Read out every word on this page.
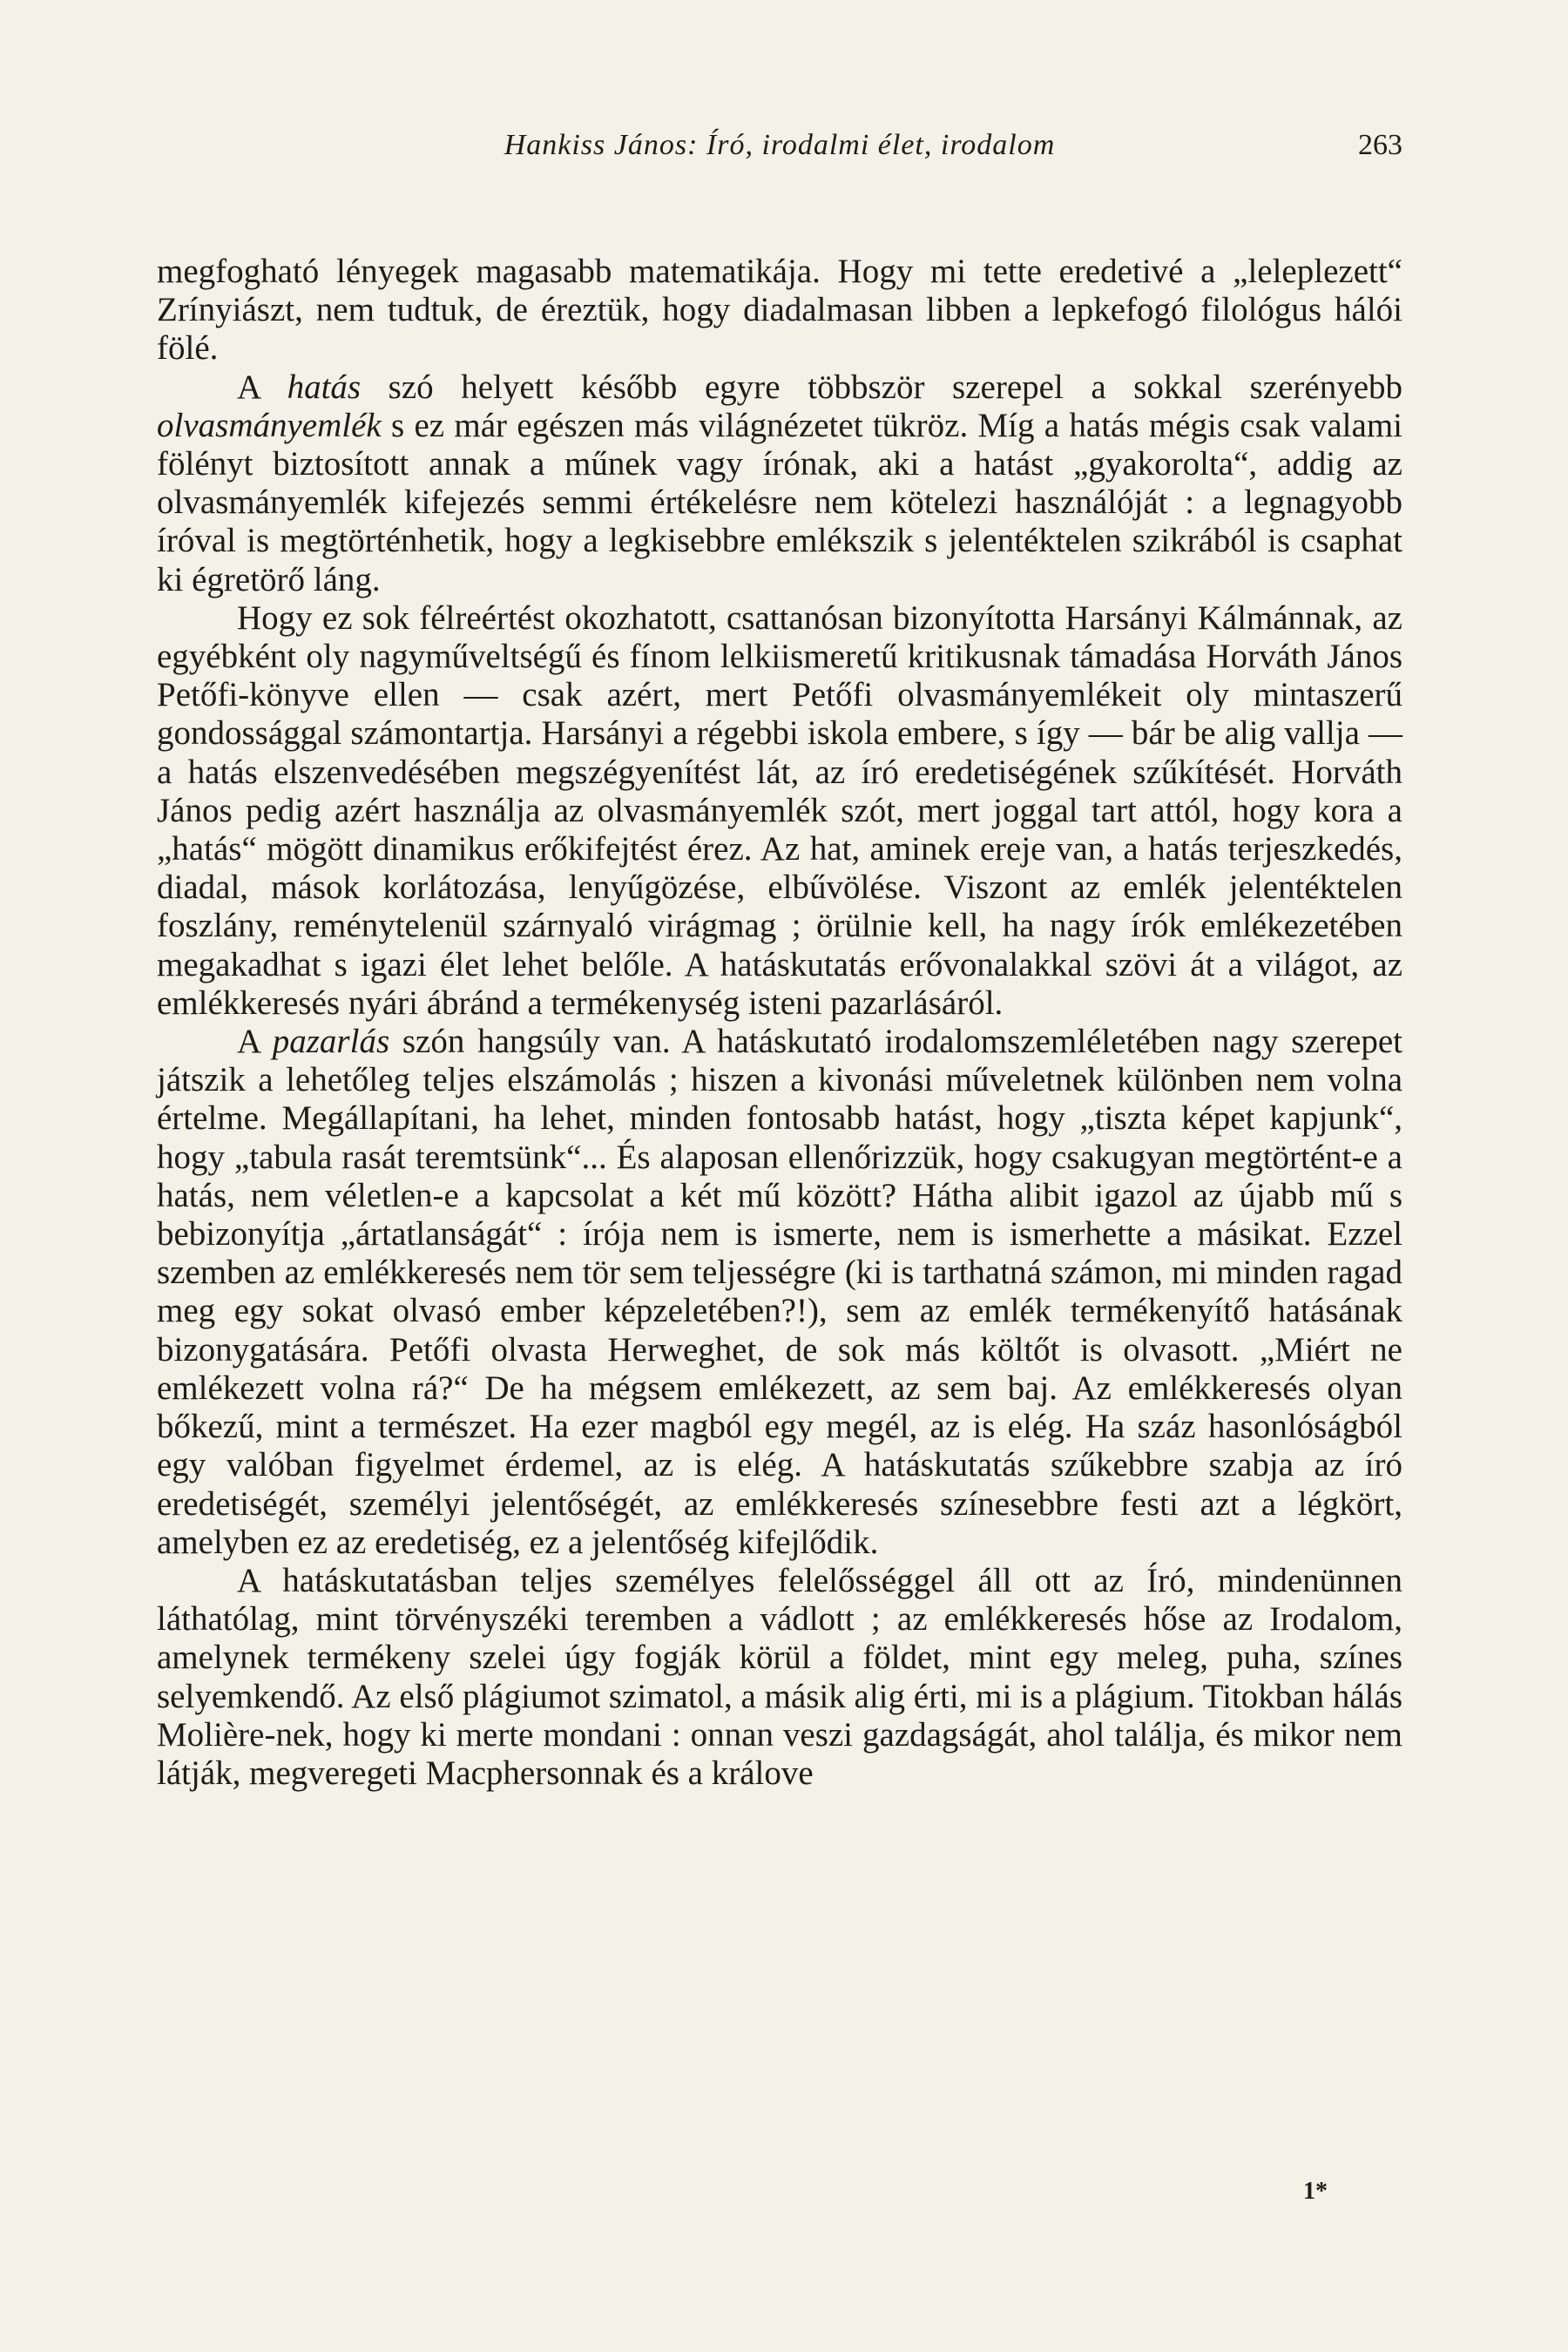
Hankiss János: Író, irodalmi élet, irodalom	263

megfogható lényegek magasabb matematikája. Hogy mi tette eredetivé a „leleplezett“ Zrínyiászt, nem tudtuk, de éreztük, hogy diadalmasan libben a lepkefogó filológus hálói fölé.

A hatás szó helyett később egyre többször szerepel a sokkal szerényebb olvasmányemlék s ez már egészen más világnézetet tükröz. Míg a hatás mégis csak valami fölényt biztosított annak a műnek vagy írónak, aki a hatást „gyakorolta“, addig az olvasmányemlék kifejezés semmi értékelésre nem kötelezi használóját : a legnagyobb íróval is megtörténhetik, hogy a legkisebbre emlékszik s jelentéktelen szikrából is csaphat ki égretörő láng.

Hogy ez sok félreértést okozhatott, csattanósan bizonyította Harsányi Kálmánnak, az egyébként oly nagyműveltségű és fínom lelkiismeretű kritikusnak támadása Horváth János Petőfi-könyve ellen — csak azért, mert Petőfi olvasmányemlékeit oly mintaszerű gondossággal számontartja. Harsányi a régebbi iskola embere, s így — bár be alig vallja — a hatás elszenvedésében megszégyenítést lát, az író eredetiségének szűkítését. Horváth János pedig azért használja az olvasmányemlék szót, mert joggal tart attól, hogy kora a „hatás“ mögött dinamikus erőkifejtést érez. Az hat, aminek ereje van, a hatás terjeszkedés, diadal, mások korlátozása, lenyűgözése, elbűvölése. Viszont az emlék jelentéktelen foszlány, reménytelenül szárnyaló virágmag ; örülnie kell, ha nagy írók emlékezetében megakadhat s igazi élet lehet belőle. A hatáskutatás erővonalakkal szövi át a világot, az emlékkeresés nyári ábránd a termékenység isteni pazarlásáról.

A pazarlás szón hangsúly van. A hatáskutató irodalomszemléletében nagy szerepet játszik a lehetőleg teljes elszámolás ; hiszen a kivonási műveletnek különben nem volna értelme. Megállapítani, ha lehet, minden fontosabb hatást, hogy „tiszta képet kapjunk“, hogy „tabula rasát teremtsünk“... És alaposan ellenőrizzük, hogy csakugyan megtörtént-e a hatás, nem véletlen-e a kapcsolat a két mű között? Hátha alibit igazol az újabb mű s bebizonyítja „ártatlanságát“ : írója nem is ismerte, nem is ismerhette a másikat. Ezzel szemben az emlékkeresés nem tör sem teljességre (ki is tarthatná számon, mi minden ragad meg egy sokat olvasó ember képzeletében?!), sem az emlék termékenyítő hatásának bizonygatására. Petőfi olvasta Herweghet, de sok más költőt is olvasott. „Miért ne emlékezett volna rá?“ De ha mégsem emlékezett, az sem baj. Az emlékkeresés olyan bőkezű, mint a természet. Ha ezer magból egy megél, az is elég. Ha száz hasonlóságból egy valóban figyelmet érdemel, az is elég. A hatáskutatás szűkebbre szabja az író eredetiségét, személyi jelentőségét, az emlékkeresés színesebbre festi azt a légkört, amelyben ez az eredetiség, ez a jelentőség kifejlődik.

A hatáskutatásban teljes személyes felelősséggel áll ott az Író, mindenünnen láthatólag, mint törvényszéki teremben a vádlott ; az emlékkeresés hőse az Irodalom, amelynek termékeny szelei úgy fogják körül a földet, mint egy meleg, puha, színes selyemkendő. Az első plágiumot szimatol, a másik alig érti, mi is a plágium. Titokban hálás Molière-nek, hogy ki merte mondani : onnan veszi gazdagságát, ahol találja, és mikor nem látják, megveregeti Macphersonnak és a králove

1*
